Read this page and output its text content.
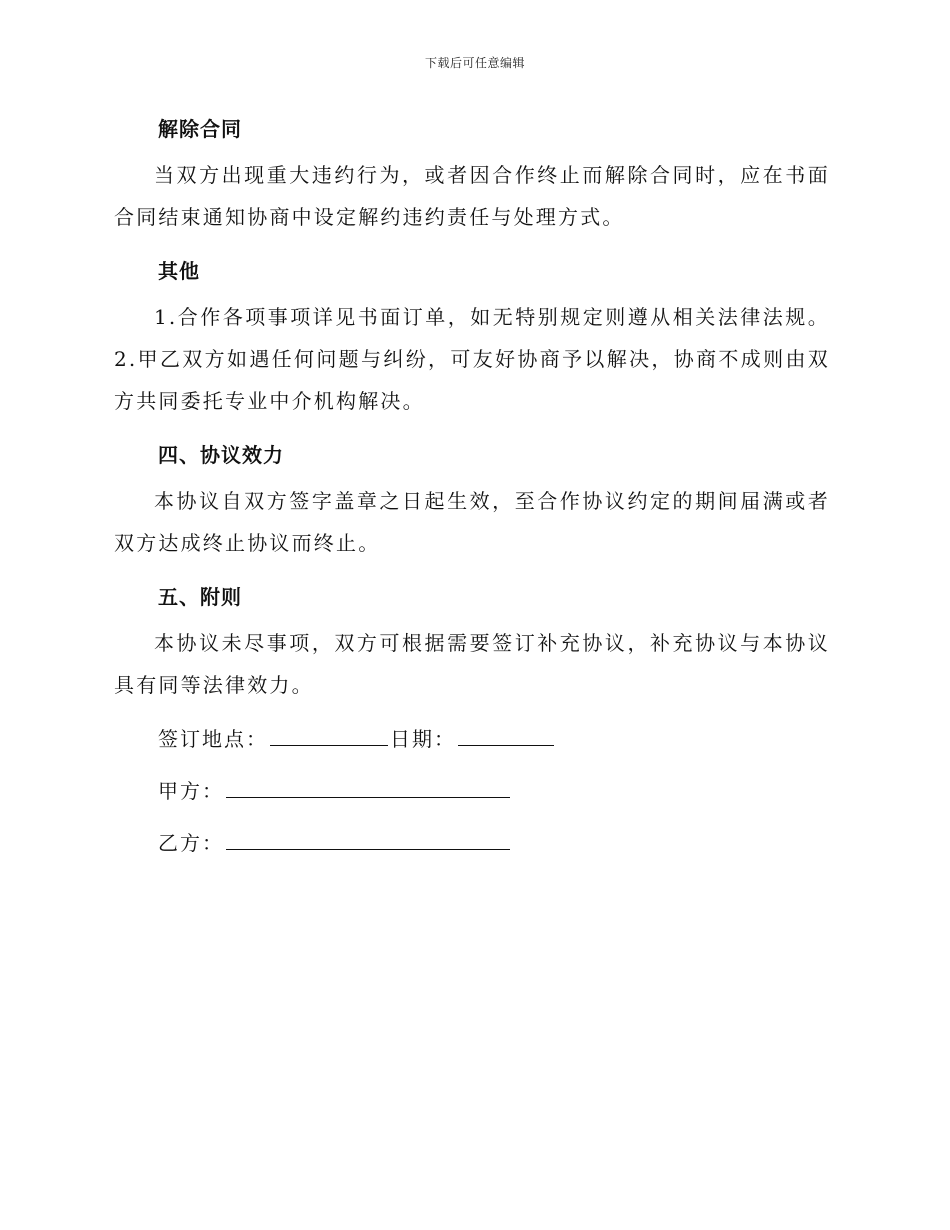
下载后可任意编辑
解除合同

当双方出现重大违约行为，或者因合作终止而解除合同时，应在书面合同结束通知协商中设定解约违约责任与处理方式。

其他

1.合作各项事项详见书面订单，如无特别规定则遵从相关法律法规。 2.甲乙双方如遇任何问题与纠纷，可友好协商予以解决，协商不成则由双方共同委托专业中介机构解决。

四、协议效力

本协议自双方签字盖章之日起生效，至合作协议约定的期间届满或者双方达成终止协议而终止。

五、附则

本协议未尽事项，双方可根据需要签订补充协议，补充协议与本协议具有同等法律效力。

签订地点：	日期：
甲方：
乙方：
